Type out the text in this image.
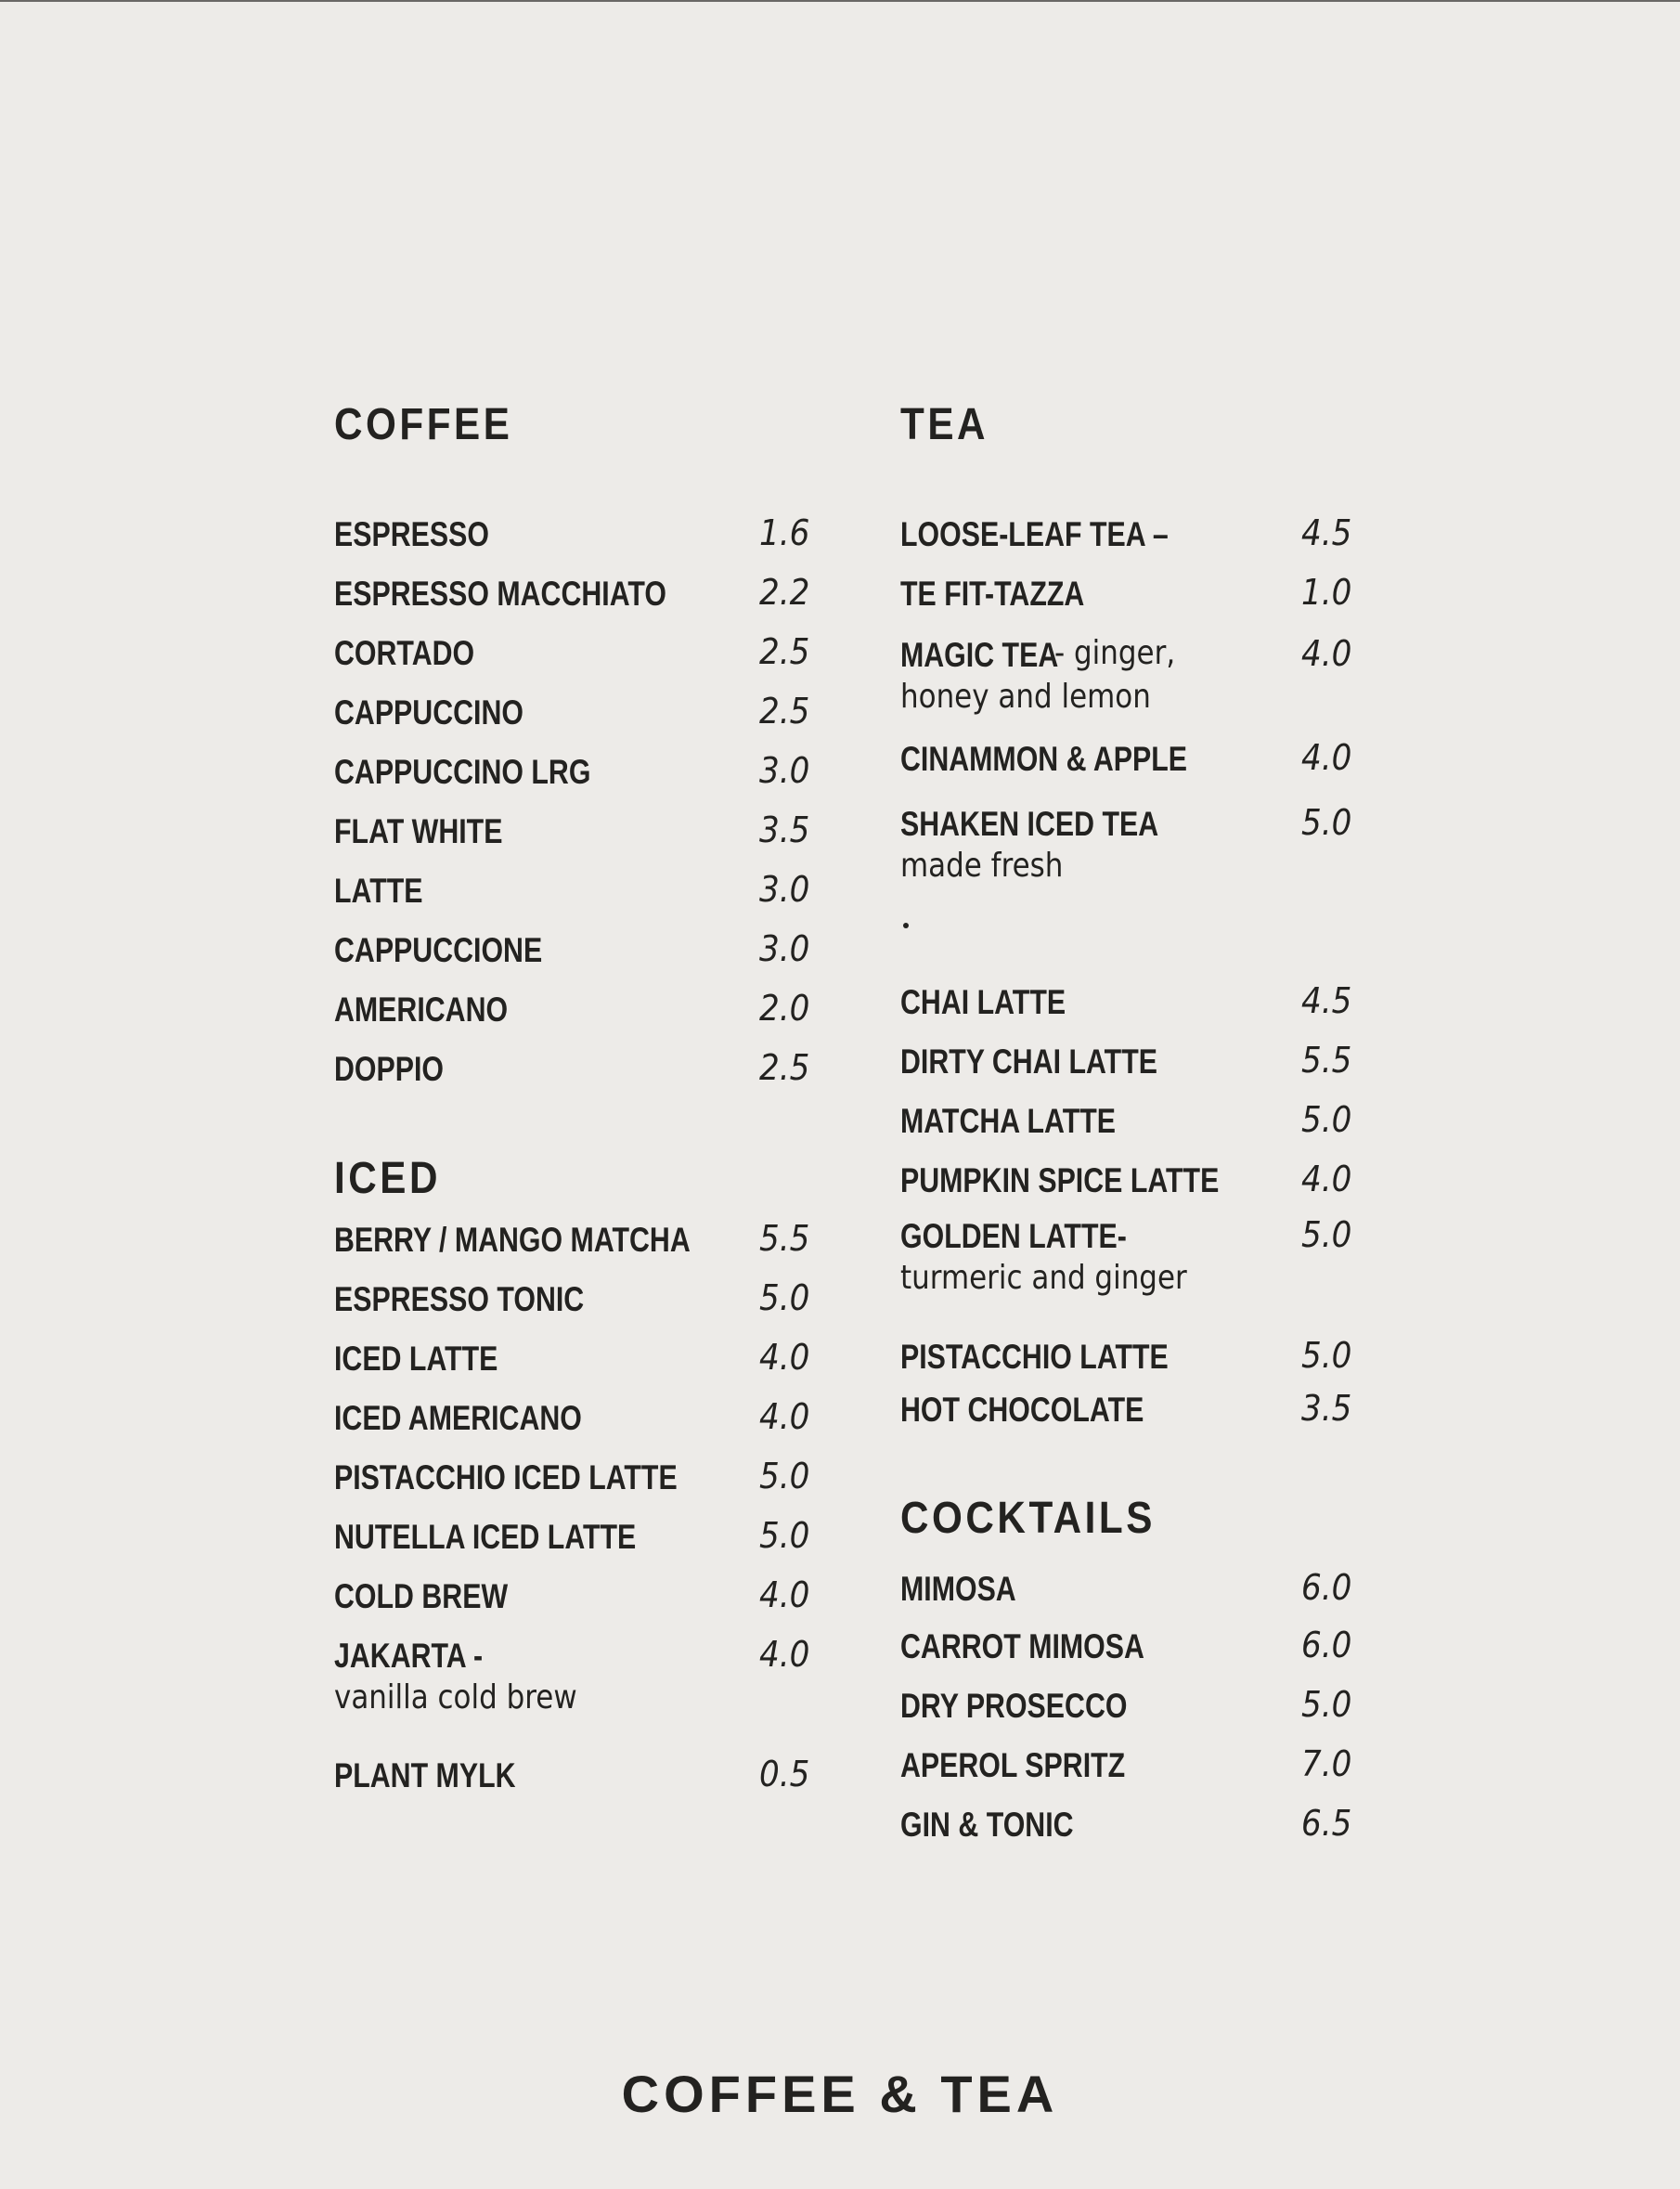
COFFEE
ESPRESSO	1.6
ESPRESSO MACCHIATO	2.2
CORTADO	2.5
CAPPUCCINO	2.5
CAPPUCCINO LRG	3.0
FLAT WHITE	3.5
LATTE	3.0
CAPPUCCIONE	3.0
AMERICANO	2.0
DOPPIO	2.5
ICED
BERRY / MANGO MATCHA 5.5
ESPRESSO TONIC	5.0
ICED LATTE	4.0
ICED AMERICANO	4.0
PISTACCHIO ICED LATTE 5.0
NUTELLA ICED LATTE	5.0
COLD BREW	4.0
JAKARTA -	4.0
vanilla cold brew
PLANT MYLK	0.5
TEA
LOOSE-LEAF TEA –	4.5
TE FIT-TAZZA	1.0
MAGIC TEA	4.0
- ginger,
honey and lemon
CINAMMON & APPLE	4.0
SHAKEN ICED TEA	5.0
made fresh
CHAI LATTE	4.5
DIRTY CHAI LATTE	5.5
MATCHA LATTE	5.0
PUMPKIN SPICE LATTE 4.0
GOLDEN LATTE-	5.0
turmeric and ginger
PISTACCHIO LATTE	5.0
HOT CHOCOLATE	3.5
COCKTAILS
MIMOSA	6.0
CARROT MIMOSA	6.0
DRY PROSECCO	5.0
APEROL SPRITZ	7.0
GIN & TONIC	6.5
COFFEE & TEA
